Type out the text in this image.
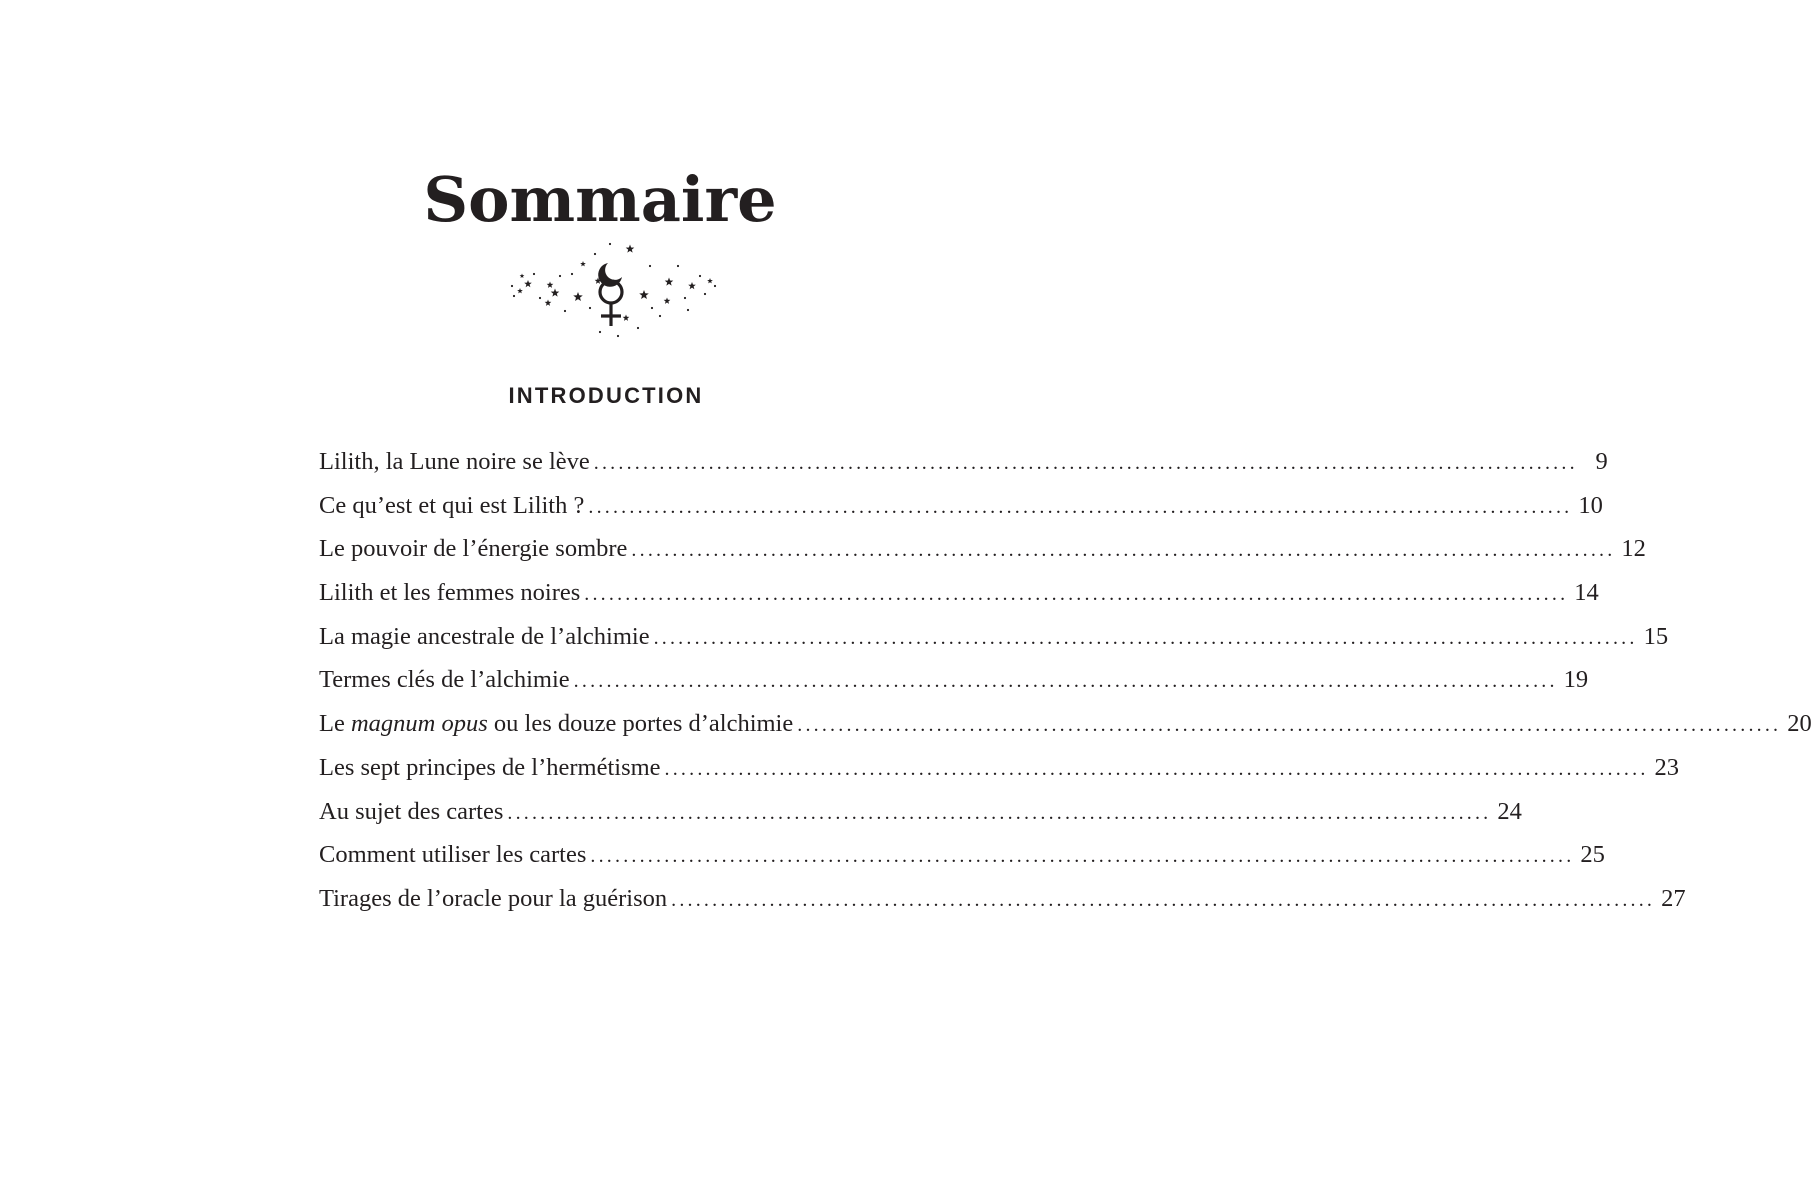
Sommaire
INTRODUCTION
Lilith, la Lune noire se lève ........................................................................................................................ 9
Ce qu’est et qui est Lilith ? ........................................................................................................................ 10
Le pouvoir de l’énergie sombre ........................................................................................................................ 12
Lilith et les femmes noires ........................................................................................................................ 14
La magie ancestrale de l’alchimie ........................................................................................................................ 15
Termes clés de l’alchimie ........................................................................................................................ 19
Le magnum opus ou les douze portes d’alchimie ........................................................................................................................ 20
Les sept principes de l’hermétisme ........................................................................................................................ 23
Au sujet des cartes ........................................................................................................................ 24
Comment utiliser les cartes ........................................................................................................................ 25
Tirages de l’oracle pour la guérison ........................................................................................................................ 27
